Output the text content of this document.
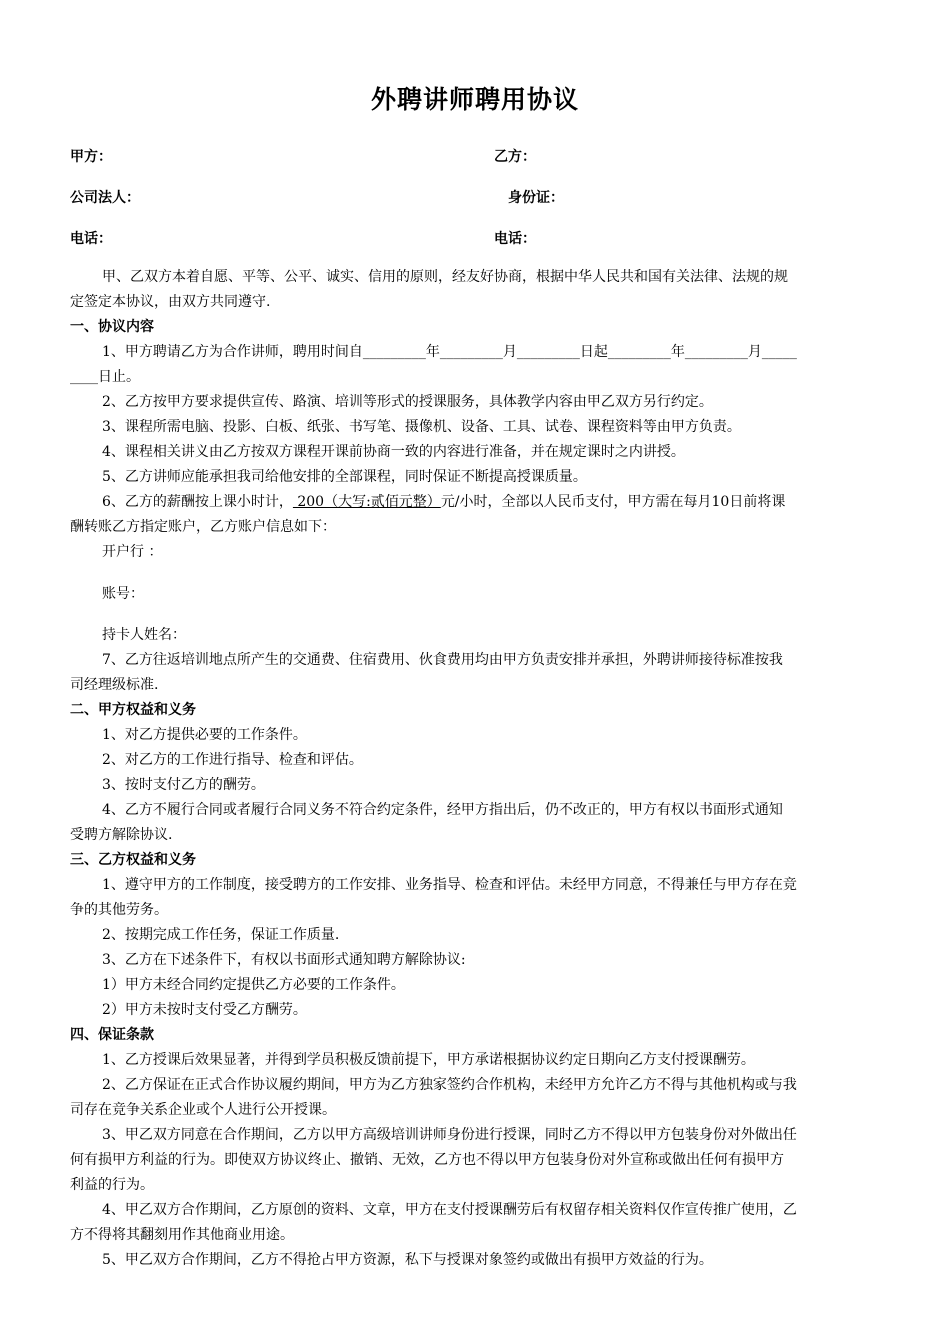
外聘讲师聘用协议
甲方：	乙方：
公司法人：	身份证：
电话：	电话：
甲、乙双方本着自愿、平等、公平、诚实、信用的原则，经友好协商，根据中华人民共和国有关法律、法规的规
定签定本协议，由双方共同遵守.
一、协议内容
1、甲方聘请乙方为合作讲师，聘用时间自_________年_________月_________日起_________年_________月_____
____日止。
2、乙方按甲方要求提供宣传、路演、培训等形式的授课服务，具体教学内容由甲乙双方另行约定。
3、课程所需电脑、投影、白板、纸张、书写笔、摄像机、设备、工具、试卷、课程资料等由甲方负责。
4、课程相关讲义由乙方按双方课程开课前协商一致的内容进行准备，并在规定课时之内讲授。
5、乙方讲师应能承担我司给他安排的全部课程，同时保证不断提高授课质量。
6、乙方的薪酬按上课小时计， 200（大写:贰佰元整）元/小时，全部以人民币支付，甲方需在每月10日前将课
酬转账乙方指定账户，乙方账户信息如下：
开户行 ：
账号：
持卡人姓名：
7、乙方往返培训地点所产生的交通费、住宿费用、伙食费用均由甲方负责安排并承担，外聘讲师接待标准按我
司经理级标准.
二、甲方权益和义务
1、对乙方提供必要的工作条件。
2、对乙方的工作进行指导、检查和评估。
3、按时支付乙方的酬劳。
4、乙方不履行合同或者履行合同义务不符合约定条件，经甲方指出后，仍不改正的，甲方有权以书面形式通知
受聘方解除协议.
三、乙方权益和义务
1、遵守甲方的工作制度，接受聘方的工作安排、业务指导、检查和评估。未经甲方同意，不得兼任与甲方存在竞
争的其他劳务。
2、按期完成工作任务，保证工作质量.
3、乙方在下述条件下，有权以书面形式通知聘方解除协议:
1）甲方未经合同约定提供乙方必要的工作条件。
2）甲方未按时支付受乙方酬劳。
四、保证条款
1、乙方授课后效果显著，并得到学员积极反馈前提下，甲方承诺根据协议约定日期向乙方支付授课酬劳。
2、乙方保证在正式合作协议履约期间，甲方为乙方独家签约合作机构，未经甲方允许乙方不得与其他机构或与我
司存在竞争关系企业或个人进行公开授课。
3、甲乙双方同意在合作期间，乙方以甲方高级培训讲师身份进行授课，同时乙方不得以甲方包装身份对外做出任
何有损甲方利益的行为。即使双方协议终止、撤销、无效，乙方也不得以甲方包装身份对外宣称或做出任何有损甲方
利益的行为。
4、甲乙双方合作期间，乙方原创的资料、文章，甲方在支付授课酬劳后有权留存相关资料仅作宣传推广使用，乙
方不得将其翻刻用作其他商业用途。
5、甲乙双方合作期间，乙方不得抢占甲方资源，私下与授课对象签约或做出有损甲方效益的行为。
